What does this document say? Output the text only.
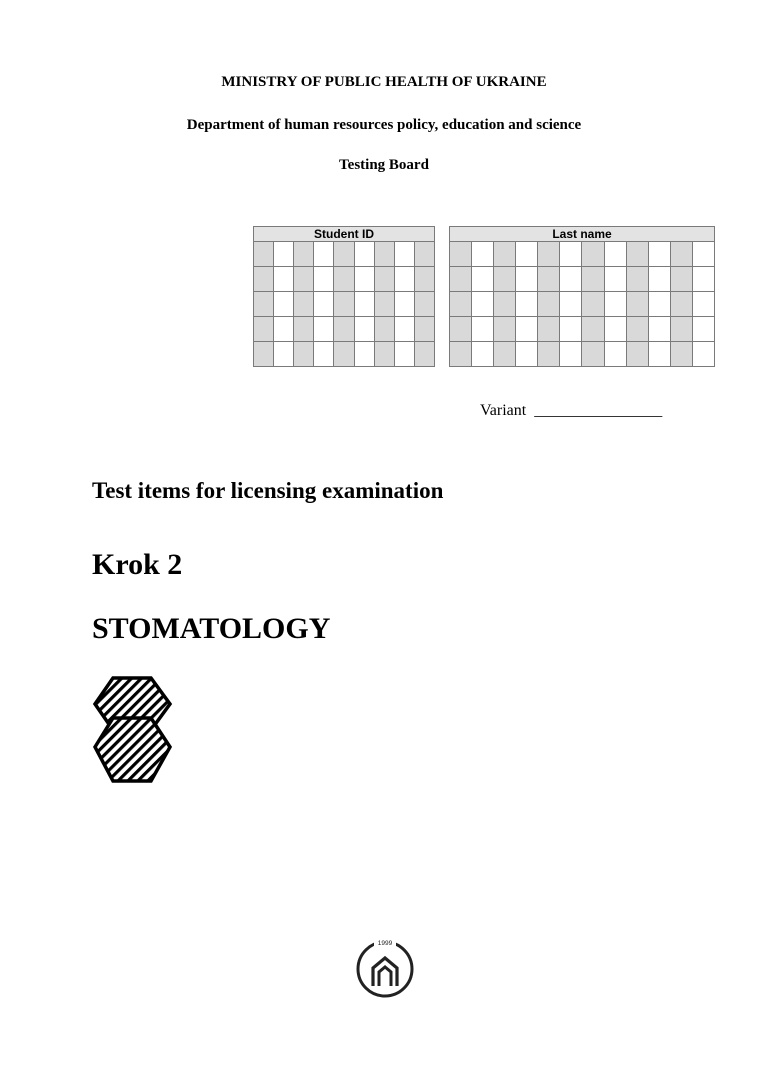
MINISTRY OF PUBLIC HEALTH OF UKRAINE
Department of human resources policy, education and science
Testing Board
Student ID								

									Last name											

Variant ________________
Test items for licensing examination
Krok 2
STOMATOLOGY
1999
